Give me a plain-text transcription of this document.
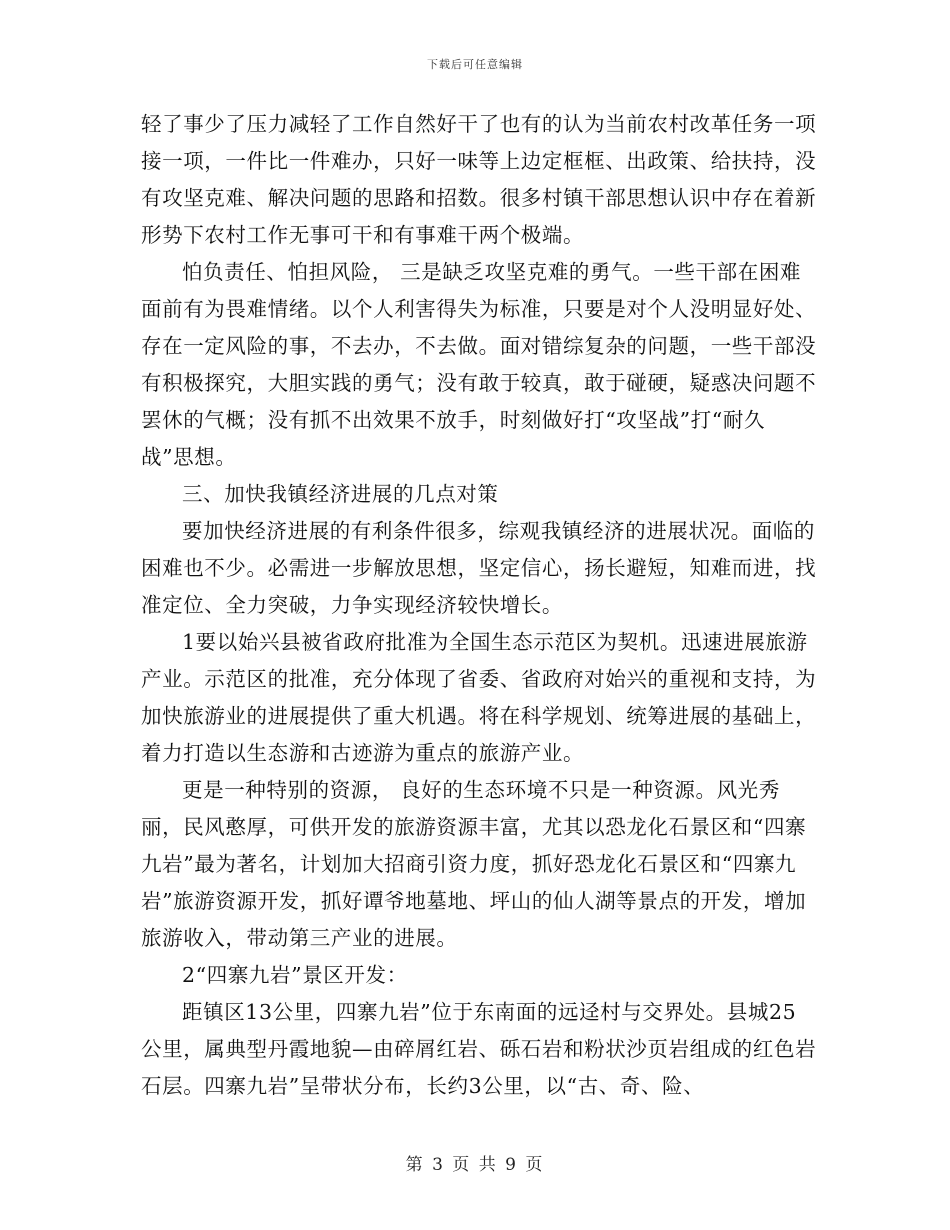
下载后可任意编辑

轻了事少了压力减轻了工作自然好干了也有的认为当前农村改革任务一项接一项，一件比一件难办，只好一味等上边定框框、出政策、给扶持，没有攻坚克难、解决问题的思路和招数。很多村镇干部思想认识中存在着新形势下农村工作无事可干和有事难干两个极端。

怕负责任、怕担风险， 三是缺乏攻坚克难的勇气。一些干部在困难面前有为畏难情绪。以个人利害得失为标准，只要是对个人没明显好处、存在一定风险的事，不去办，不去做。面对错综复杂的问题，一些干部没有积极探究，大胆实践的勇气；没有敢于较真，敢于碰硬，疑惑决问题不罢休的气概；没有抓不出效果不放手，时刻做好打“攻坚战”打“耐久战”思想。

三、加快我镇经济进展的几点对策

要加快经济进展的有利条件很多，综观我镇经济的进展状况。面临的困难也不少。必需进一步解放思想，坚定信心，扬长避短，知难而进，找准定位、全力突破，力争实现经济较快增长。

1要以始兴县被省政府批准为全国生态示范区为契机。迅速进展旅游产业。示范区的批准，充分体现了省委、省政府对始兴的重视和支持，为加快旅游业的进展提供了重大机遇。将在科学规划、统筹进展的基础上，着力打造以生态游和古迹游为重点的旅游产业。

更是一种特别的资源， 良好的生态环境不只是一种资源。风光秀丽，民风憨厚，可供开发的旅游资源丰富，尤其以恐龙化石景区和“四寨九岩”最为著名，计划加大招商引资力度，抓好恐龙化石景区和“四寨九岩”旅游资源开发，抓好谭爷地墓地、坪山的仙人湖等景点的开发，增加旅游收入，带动第三产业的进展。

2“四寨九岩”景区开发：

距镇区13公里，四寨九岩”位于东南面的远迳村与交界处。县城25公里，属典型丹霞地貌—由碎屑红岩、砾石岩和粉状沙页岩组成的红色岩石层。四寨九岩”呈带状分布，长约3公里，以“古、奇、险、

第 3 页 共 9 页
